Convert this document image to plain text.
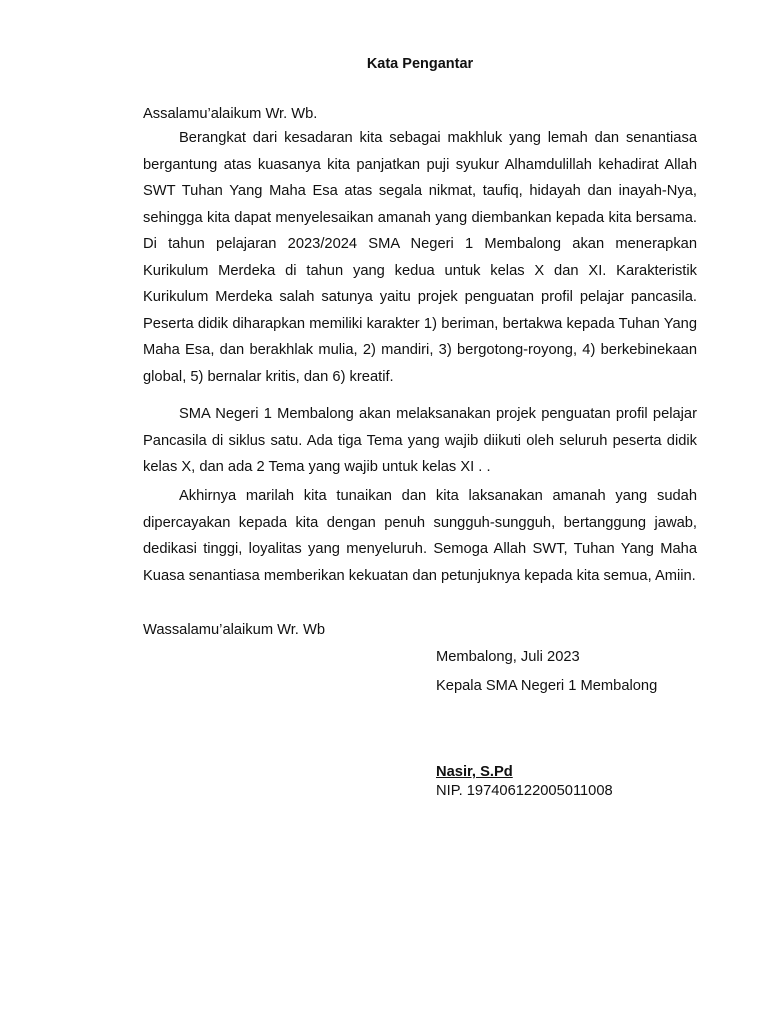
Kata Pengantar
Assalamu’alaikum Wr. Wb.

Berangkat dari kesadaran kita sebagai makhluk yang lemah dan senantiasa bergantung atas kuasanya kita panjatkan puji syukur Alhamdulillah kehadirat Allah SWT Tuhan Yang Maha Esa atas segala nikmat, taufiq, hidayah dan inayah-Nya, sehingga kita dapat menyelesaikan amanah yang diembankan kepada kita bersama. Di tahun pelajaran 2023/2024 SMA Negeri 1 Membalong akan menerapkan Kurikulum Merdeka di tahun yang kedua untuk kelas X dan XI. Karakteristik Kurikulum Merdeka salah satunya yaitu projek penguatan profil pelajar pancasila. Peserta didik diharapkan memiliki karakter 1) beriman, bertakwa kepada Tuhan Yang Maha Esa, dan berakhlak mulia, 2) mandiri, 3) bergotong-royong, 4) berkebinekaan global, 5) bernalar kritis, dan 6) kreatif.

SMA Negeri 1 Membalong akan melaksanakan projek penguatan profil pelajar Pancasila di siklus satu. Ada tiga Tema yang wajib diikuti oleh seluruh peserta didik kelas X, dan ada 2 Tema yang wajib untuk kelas XI . .

Akhirnya marilah kita tunaikan dan kita laksanakan amanah yang sudah dipercayakan kepada kita dengan penuh sungguh-sungguh, bertanggung jawab, dedikasi tinggi, loyalitas yang menyeluruh. Semoga Allah SWT, Tuhan Yang Maha Kuasa senantiasa memberikan kekuatan dan petunjuknya kepada kita semua, Amiin.

Wassalamu’alaikum Wr. Wb
Membalong, Juli 2023
Kepala SMA Negeri 1 Membalong
Nasir, S.Pd
NIP. 197406122005011008
